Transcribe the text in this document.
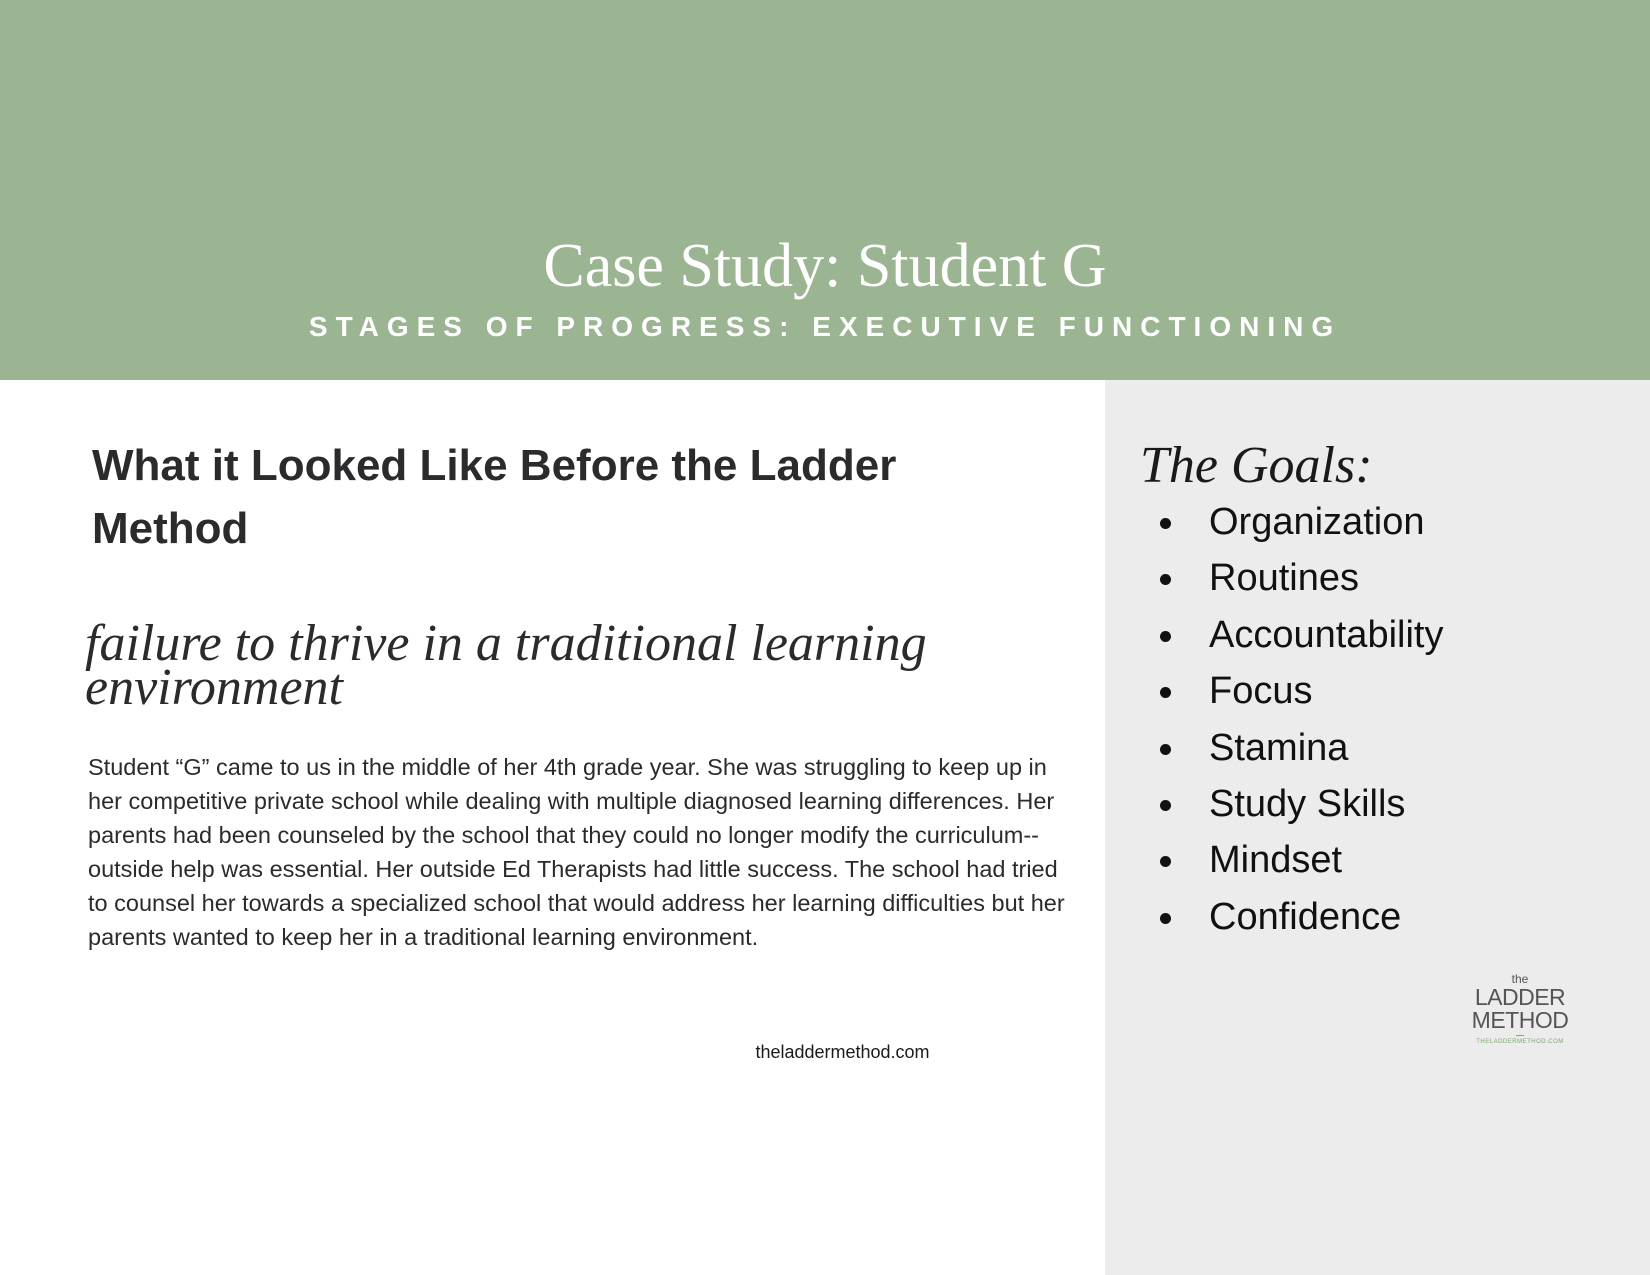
Case Study: Student G
STAGES OF PROGRESS: EXECUTIVE FUNCTIONING
What it Looked Like Before the Ladder
Method
failure to thrive in a traditional learning
environment

Student “G” came to us in the middle of her 4th grade year. She was struggling to keep up in her competitive private school while dealing with multiple diagnosed learning differences. Her parents had been counseled by the school that they could no longer modify the curriculum--outside help was essential. Her outside Ed Therapists had little success. The school had tried to counsel her towards a specialized school that would address her learning difficulties but her parents wanted to keep her in a traditional learning environment.

theladdermethod.com
The Goals:
Organization
Routines
Accountability
Focus
Stamina
Study Skills
Mindset
Confidence
the
LADDER
METHOD
THELADDERMETHOD.COM
